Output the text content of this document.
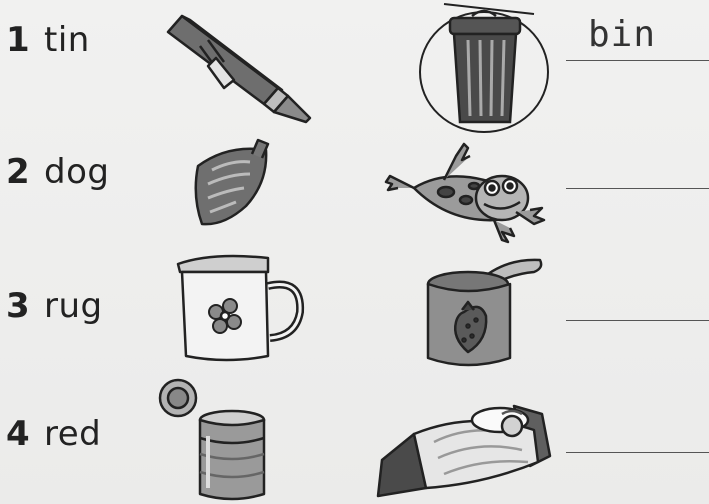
1 tin	bin
2 dog
3 rug
4 red
